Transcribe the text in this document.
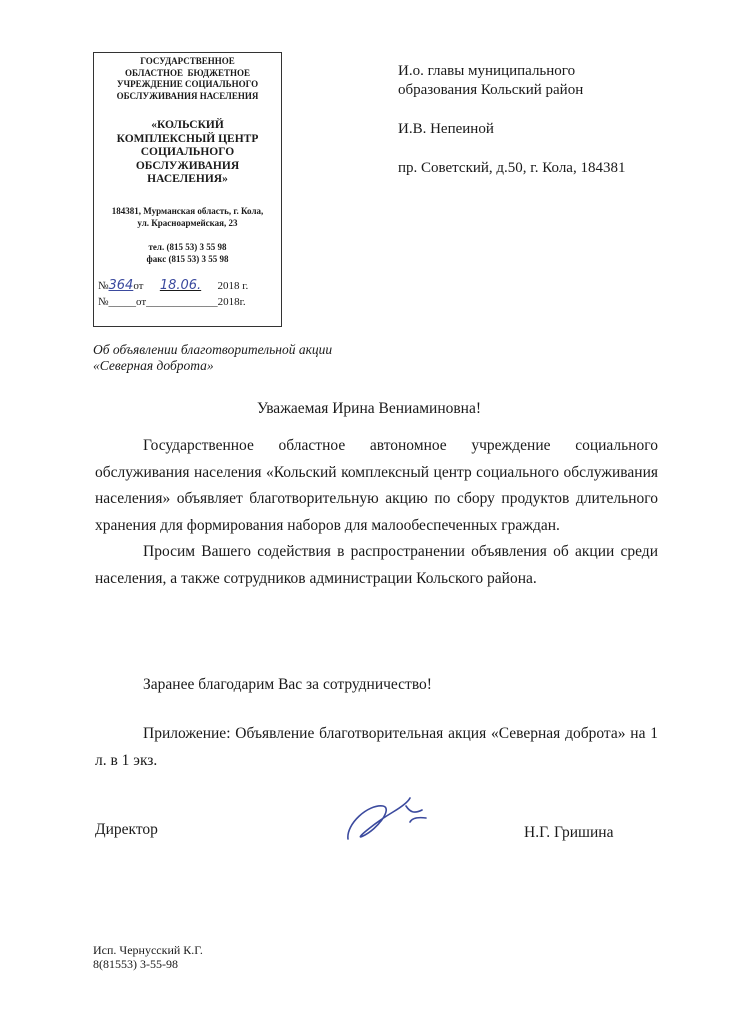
ГОСУДАРСТВЕННОЕ
ОБЛАСТНОЕ  БЮДЖЕТНОЕ
УЧРЕЖДЕНИЕ СОЦИАЛЬНОГО
ОБСЛУЖИВАНИЯ НАСЕЛЕНИЯ
«КОЛЬСКИЙ
КОМПЛЕКСНЫЙ ЦЕНТР
СОЦИАЛЬНОГО
ОБСЛУЖИВАНИЯ
НАСЕЛЕНИЯ»
184381, Мурманская область, г. Кола,
ул. Красноармейская, 23
тел. (815 53) 3 55 98
факс (815 53) 3 55 98
№364от 18.06. 2018 г.
№_____от_____________2018г.
И.о. главы муниципального
образования Кольский район
И.В. Непеиной
пр. Советский, д.50, г. Кола, 184381
Об объявлении благотворительной акции
«Северная доброта»
Уважаемая Ирина Вениаминовна!

Государственное областное автономное учреждение социального обслуживания населения «Кольский комплексный центр социального обслуживания населения» объявляет благотворительную акцию по сбору продуктов длительного хранения для формирования наборов для малообеспеченных граждан.

Просим Вашего содействия в распространении объявления об акции среди населения, а также сотрудников администрации Кольского района.

Заранее благодарим Вас за сотрудничество!

Приложение: Объявление благотворительная акция «Северная доброта» на 1 л. в 1 экз.

Директор	Н.Г. Гришина
Исп. Чернусский К.Г.
8(81553) 3-55-98
